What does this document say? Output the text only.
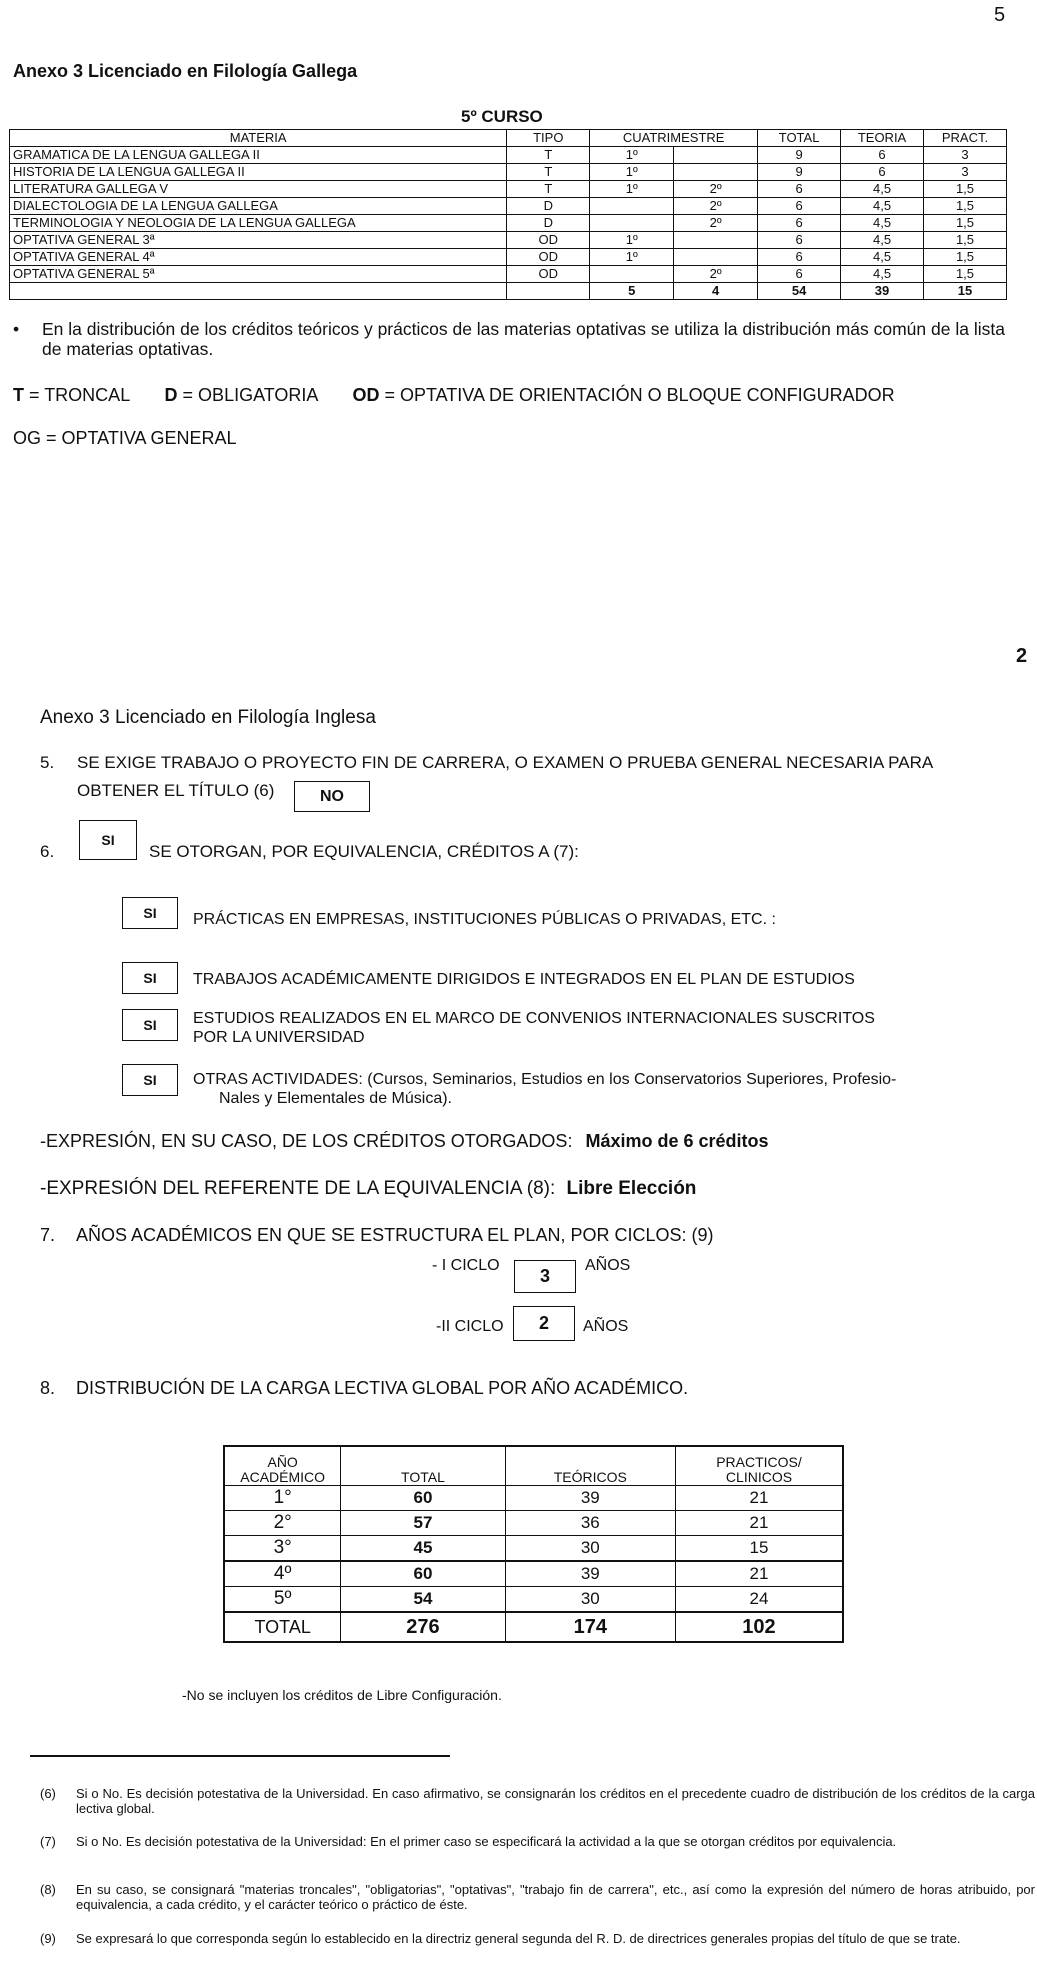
5
Anexo 3 Licenciado en Filología Gallega
5º CURSO
MATERIA	TIPO	CUATRIMESTRE		TOTAL	TEORIA	PRACT.
GRAMATICA DE LA LENGUA GALLEGA II	T	1º		9	6	3
HISTORIA DE LA LENGUA GALLEGA II	T	1º		9	6	3
LITERATURA GALLEGA V	T	1º	2º	6	4,5	1,5
DIALECTOLOGIA DE LA LENGUA GALLEGA	D		2º	6	4,5	1,5
TERMINOLOGIA Y NEOLOGIA DE LA LENGUA GALLEGA	D		2º	6	4,5	1,5
OPTATIVA GENERAL 3ª	OD	1º		6	4,5	1,5
OPTATIVA GENERAL 4ª	OD	1º		6	4,5	1,5
OPTATIVA GENERAL 5ª	OD		2º	6	4,5	1,5
		5	4	54	39	15
• En la distribución de los créditos teóricos y prácticos de las materias optativas se utiliza la distribución más común de la lista de materias optativas.
T = TRONCAL D = OBLIGATORIA OD = OPTATIVA DE ORIENTACIÓN O BLOQUE CONFIGURADOR
OG = OPTATIVA GENERAL
2
Anexo 3 Licenciado en Filología Inglesa
5. SE EXIGE TRABAJO O PROYECTO FIN DE CARRERA, O EXAMEN O PRUEBA GENERAL NECESARIA PARA
OBTENER EL TÍTULO (6)	NO
6.
SI
SE OTORGAN, POR EQUIVALENCIA, CRÉDITOS A (7):
SI	PRÁCTICAS EN EMPRESAS, INSTITUCIONES PÚBLICAS O PRIVADAS, ETC. :
SI	TRABAJOS ACADÉMICAMENTE DIRIGIDOS E INTEGRADOS EN EL PLAN DE ESTUDIOS
SI	ESTUDIOS REALIZADOS EN EL MARCO DE CONVENIOS INTERNACIONALES SUSCRITOS
POR LA UNIVERSIDAD
SI	OTRAS ACTIVIDADES: (Cursos, Seminarios, Estudios en los Conservatorios Superiores, Profesio-
Nales y Elementales de Música).
-EXPRESIÓN, EN SU CASO, DE LOS CRÉDITOS OTORGADOS: Máximo de 6 créditos
-EXPRESIÓN DEL REFERENTE DE LA EQUIVALENCIA (8): Libre Elección
7. AÑOS ACADÉMICOS EN QUE SE ESTRUCTURA EL PLAN, POR CICLOS: (9)
- I CICLO
3
AÑOS
-II CICLO	2	AÑOS
8. DISTRIBUCIÓN DE LA CARGA LECTIVA GLOBAL POR AÑO ACADÉMICO.
AÑO
ACADÉMICO	TOTAL	TEÓRICOS	PRACTICOS/
CLINICOS
1°	60	39	21
2°	57	36	21
3°	45	30	15
4º	60	39	21
5º	54	30	24
TOTAL	276	174	102
-No se incluyen los créditos de Libre Configuración.
(6) Si o No. Es decisión potestativa de la Universidad. En caso afirmativo, se consignarán los créditos en el precedente cuadro de distribución de los créditos de la carga lectiva global.
(7) Si o No. Es decisión potestativa de la Universidad: En el primer caso se especificará la actividad a la que se otorgan créditos por equivalencia.
(8) En su caso, se consignará "materias troncales", "obligatorias", "optativas", "trabajo fin de carrera", etc., así como la expresión del número de horas atribuido, por equivalencia, a cada crédito, y el carácter teórico o práctico de éste.
(9) Se expresará lo que corresponda según lo establecido en la directriz general segunda del R. D. de directrices generales propias del título de que se trate.
